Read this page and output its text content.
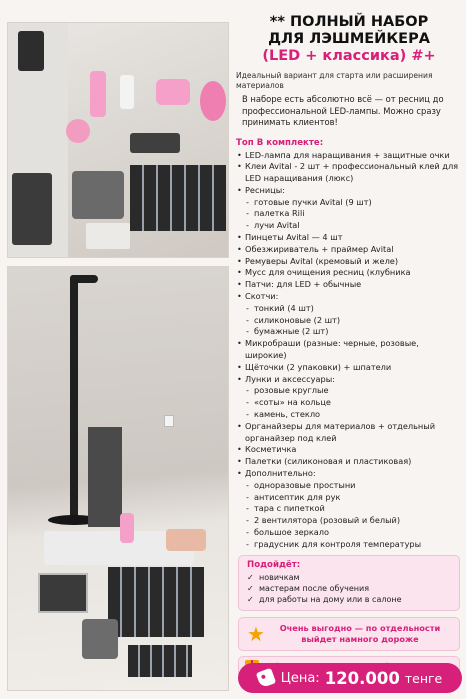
** ПОЛНЫЙ НАБОР
ДЛЯ ЛЭШМЕЙКЕРА
(LED + классика) #+
Идеальный вариант для старта или расширения материалов
В наборе есть абсолютно всё — от ресниц до профессиональной LED-лампы. Можно сразу принимать клиентов!
Топ В комплекте:
• LED-лампа для наращивания + защитные очки
• Клеи Avital - 2 шт + профессиональный клей для LED наращивания (люкс)
• Ресницы:
- готовые пучки Avital (9 шт)
- палетка Rili
- лучи Avital
• Пинцеты Avital — 4 шт
• Обезжириватель + праймер Avital
• Ремуверы Avital (кремовый и желе)
• Мусс для очищения ресниц (клубника
• Патчи: для LED + обычные
• Скотчи:
- тонкий (4 шт)
- силиконовые (2 шт)
- бумажные (2 шт)
• Микробраши (разные: черные, розовые, широкие)
• Щёточки (2 упаковки) + шпатели
• Лунки и аксессуары:
- розовые круглые
- «соты» на кольце
- камень, стекло
• Органайзеры для материалов + отдельный органайзер под клей
• Косметичка
• Палетки (силиконовая и пластиковая)
• Дополнительно:
- одноразовые простыни
- антисептик для рук
- тара с пипеткой
- 2 вентилятора (розовый и белый)
- большое зеркало
- градусник для контроля температуры
Подойдёт:
✓ новичкам
✓ мастерам после обучения
✓ для работы на дому или в салоне
★	Очень выгодно — по отдельности
выйдет намного дороже
Цена: 120.000 тенге
